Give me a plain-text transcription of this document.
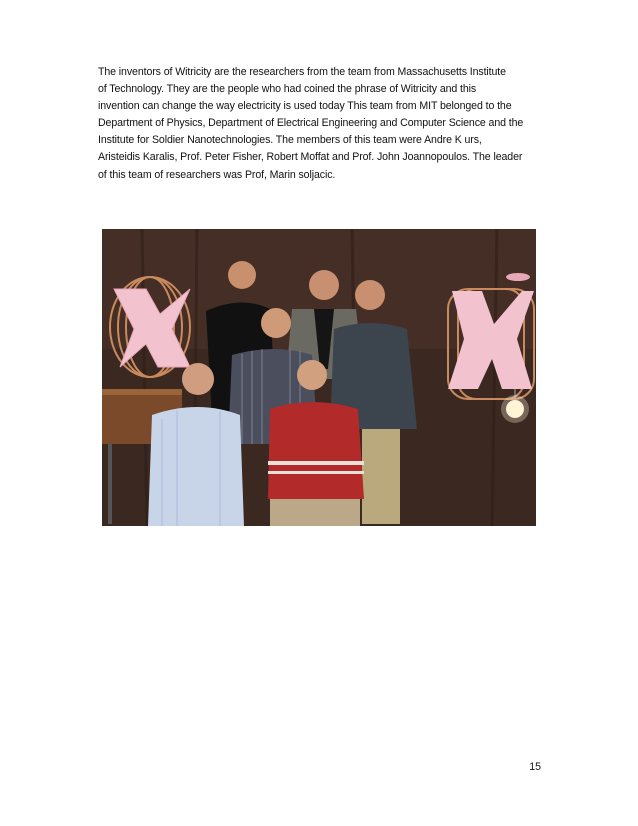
The inventors of Witricity are the researchers from the team from Massachusetts Institute
of Technology. They are the people who had coined the phrase of Witricity and this
invention can change the way electricity is used today This team from MIT belonged to the
Department of Physics, Department of Electrical Engineering and Computer Science and the
Institute for Soldier Nanotechnologies. The members of this team were Andre K urs,
Aristeidis Karalis, Prof. Peter Fisher, Robert Moffat and Prof. John Joannopoulos. The leader
of this team of researchers was Prof, Marin soljacic.

15
